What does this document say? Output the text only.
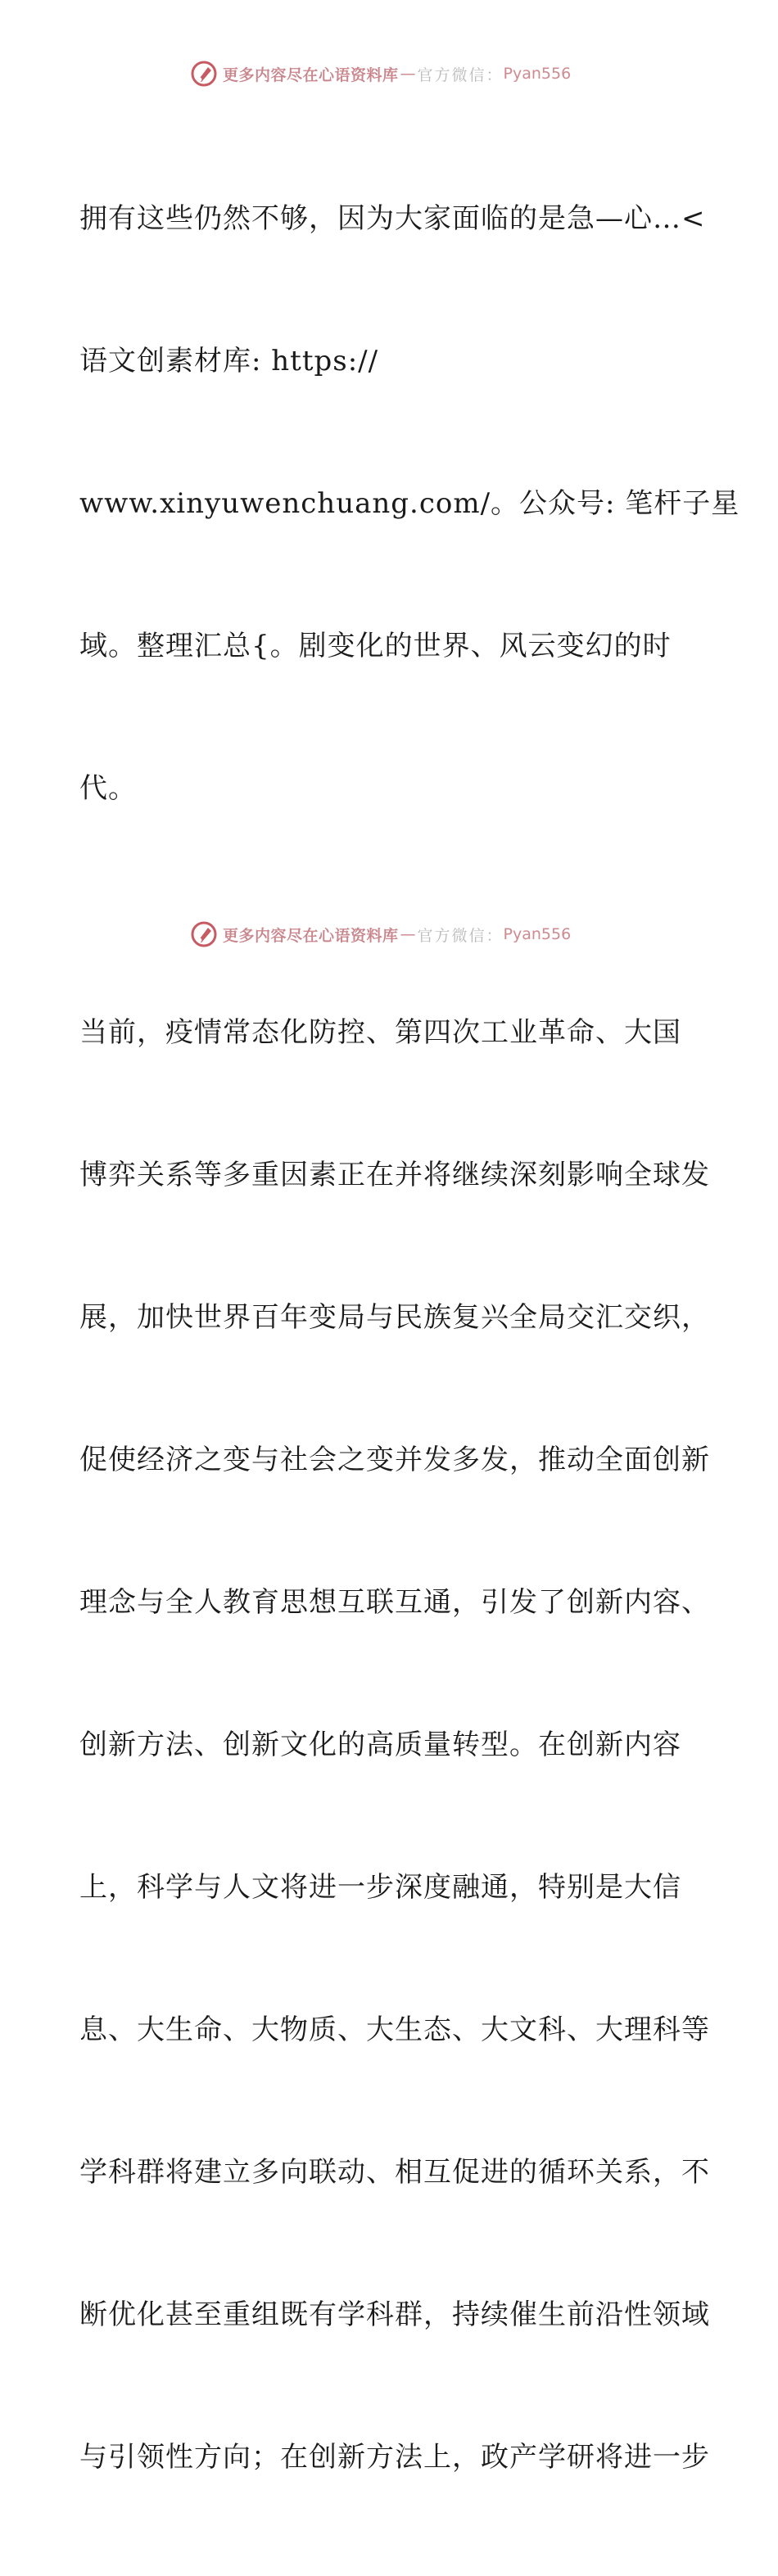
更多内容尽在心语资料库 — 官方微信： Pyan556

拥有这些仍然不够，因为大家面临的是急—心…<

语文创素材库: https://

www.xinyuwenchuang.com/。公众号: 笔杆子星

域。整理汇总{。剧变化的世界、风云变幻的时

代。

当前，疫情常态化防控、第四次工业革命、大国

博弈关系等多重因素正在并将继续深刻影响全球发

展，加快世界百年变局与民族复兴全局交汇交织，

促使经济之变与社会之变并发多发，推动全面创新

理念与全人教育思想互联互通，引发了创新内容、

创新方法、创新文化的高质量转型。在创新内容

上，科学与人文将进一步深度融通，特别是大信

息、大生命、大物质、大生态、大文科、大理科等

学科群将建立多向联动、相互促进的循环关系，不

断优化甚至重组既有学科群，持续催生前沿性领域

与引领性方向；在创新方法上，政产学研将进一步

更多内容尽在心语资料库 — 官方微信： Pyan556
